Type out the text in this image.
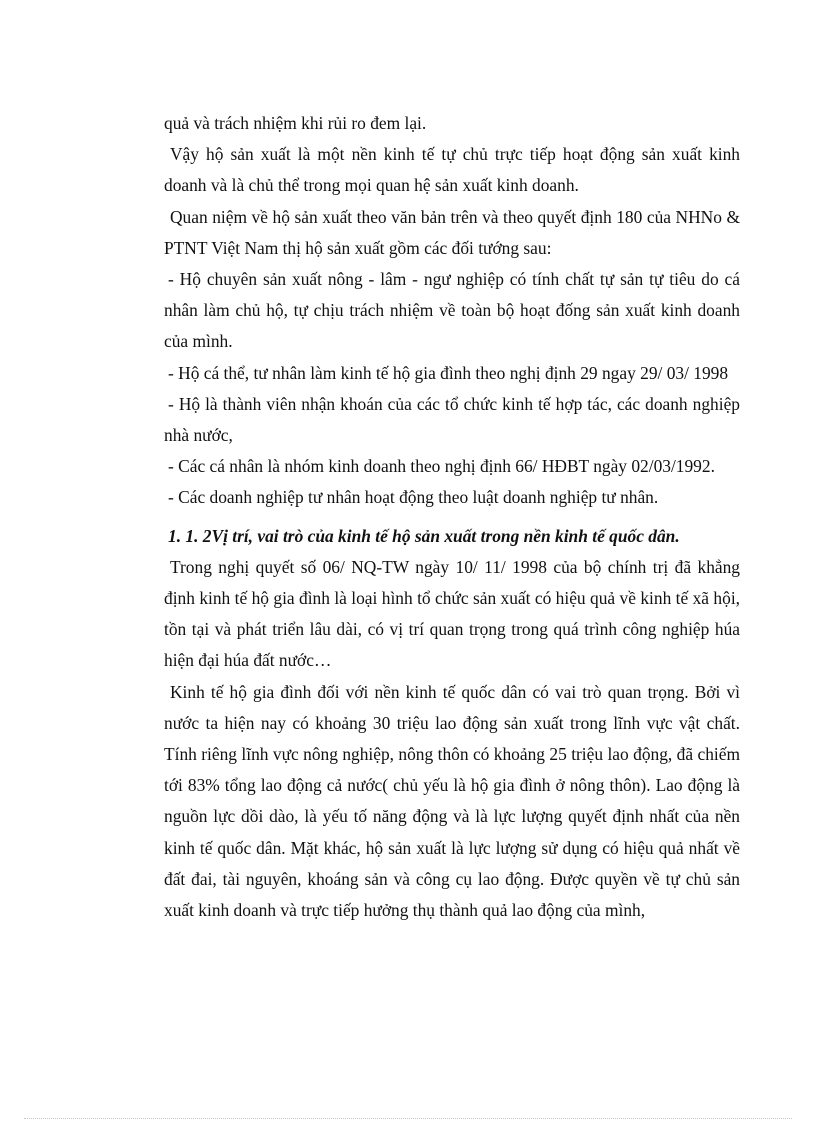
quả và trách nhiệm khi rủi ro đem lại.

Vậy hộ sản xuất là một nền kinh tế tự chủ trực tiếp hoạt động sản xuất kinh doanh và là chủ thể trong mọi quan hệ sản xuất kinh doanh.

Quan niệm về hộ sản xuất theo văn bản trên và theo quyết định 180 của NHNo & PTNT Việt Nam thị hộ sản xuất gồm các đối tướng sau:

- Hộ chuyên sản xuất nông - lâm - ngư nghiệp có tính chất tự sản tự tiêu do cá nhân làm chủ hộ, tự chịu trách nhiệm về toàn bộ hoạt đống sản xuất kinh doanh của mình.

- Hộ cá thể, tư nhân làm kinh tế hộ gia đình theo nghị định 29 ngay 29/ 03/ 1998

- Hộ là thành viên nhận khoán của các tổ chức kinh tế hợp tác, các doanh nghiệp nhà nước,

- Các cá nhân là nhóm kinh doanh theo nghị định 66/ HĐBT ngày 02/03/1992.

- Các doanh nghiệp tư nhân hoạt động theo luật doanh nghiệp tư nhân.

1. 1. 2Vị trí, vai trò của kinh tế hộ sản xuất trong nền kinh tế quốc dân.

Trong nghị quyết số 06/ NQ-TW ngày 10/ 11/ 1998 của bộ chính trị đã khẳng định kinh tế hộ gia đình là loại hình tổ chức sản xuất có hiệu quả về kinh tế xã hội, tồn tại và phát triển lâu dài, có vị trí quan trọng trong quá trình công nghiệp húa hiện đại húa đất nước…

Kinh tế hộ gia đình đối với nền kinh tế quốc dân có vai trò quan trọng. Bởi vì nước ta hiện nay có khoảng 30 triệu lao động sản xuất trong lĩnh vực vật chất. Tính riêng lĩnh vực nông nghiệp, nông thôn có khoảng 25 triệu lao động, đã chiếm tới 83% tổng lao động cả nước( chủ yếu là hộ gia đình ở nông thôn). Lao động là nguồn lực dồi dào, là yếu tố năng động và là lực lượng quyết định nhất của nền kinh tế quốc dân. Mặt khác, hộ sản xuất là lực lượng sử dụng có hiệu quả nhất về đất đai, tài nguyên, khoáng sản và công cụ lao động. Được quyền về tự chủ sản xuất kinh doanh và trực tiếp hưởng thụ thành quả lao động của mình,
